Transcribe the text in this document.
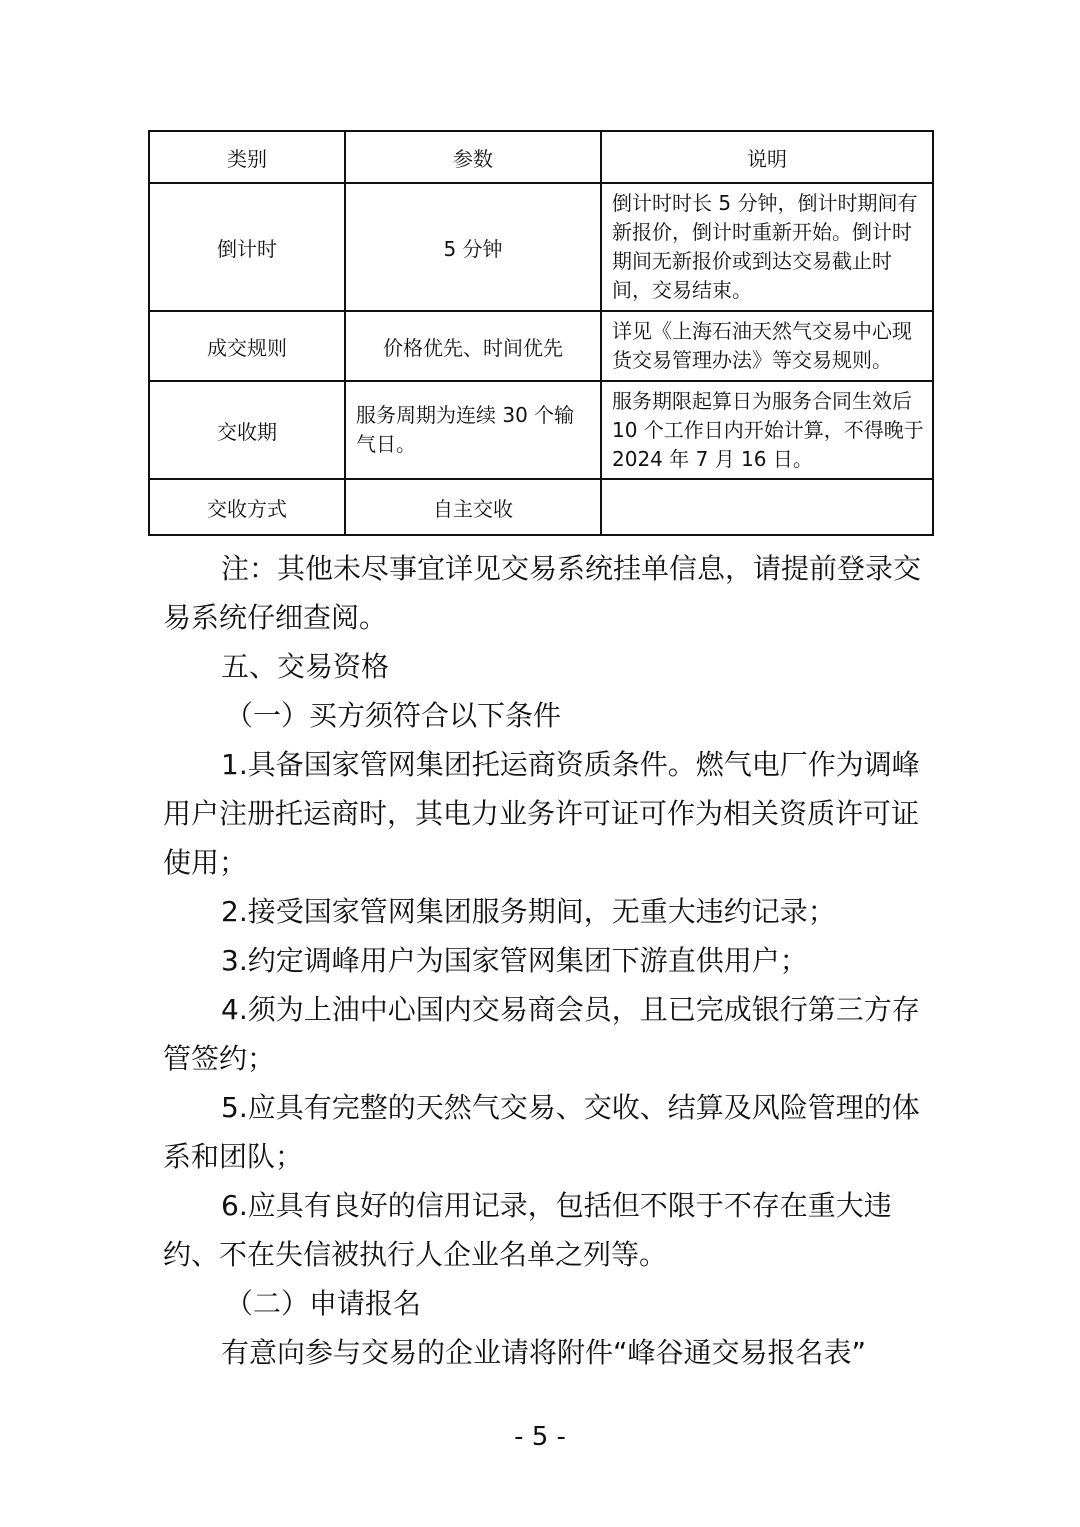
类别	参数	说明
倒计时	5 分钟	倒计时时长 5 分钟，倒计时期间有新报价，倒计时重新开始。倒计时期间无新报价或到达交易截止时间，交易结束。
成交规则	价格优先、时间优先	详见《上海石油天然气交易中心现货交易管理办法》等交易规则。
交收期	服务周期为连续 30 个输气日。	服务期限起算日为服务合同生效后 10 个工作日内开始计算，不得晚于 2024 年 7 月 16 日。
交收方式	自主交收	

注：其他未尽事宜详见交易系统挂单信息，请提前登录交易系统仔细查阅。

五、交易资格

（一）买方须符合以下条件

1.具备国家管网集团托运商资质条件。燃气电厂作为调峰用户注册托运商时，其电力业务许可证可作为相关资质许可证使用；

2.接受国家管网集团服务期间，无重大违约记录；

3.约定调峰用户为国家管网集团下游直供用户；

4.须为上油中心国内交易商会员，且已完成银行第三方存管签约；

5.应具有完整的天然气交易、交收、结算及风险管理的体系和团队；

6.应具有良好的信用记录，包括但不限于不存在重大违约、不在失信被执行人企业名单之列等。

（二）申请报名

有意向参与交易的企业请将附件“峰谷通交易报名表”

- 5 -
